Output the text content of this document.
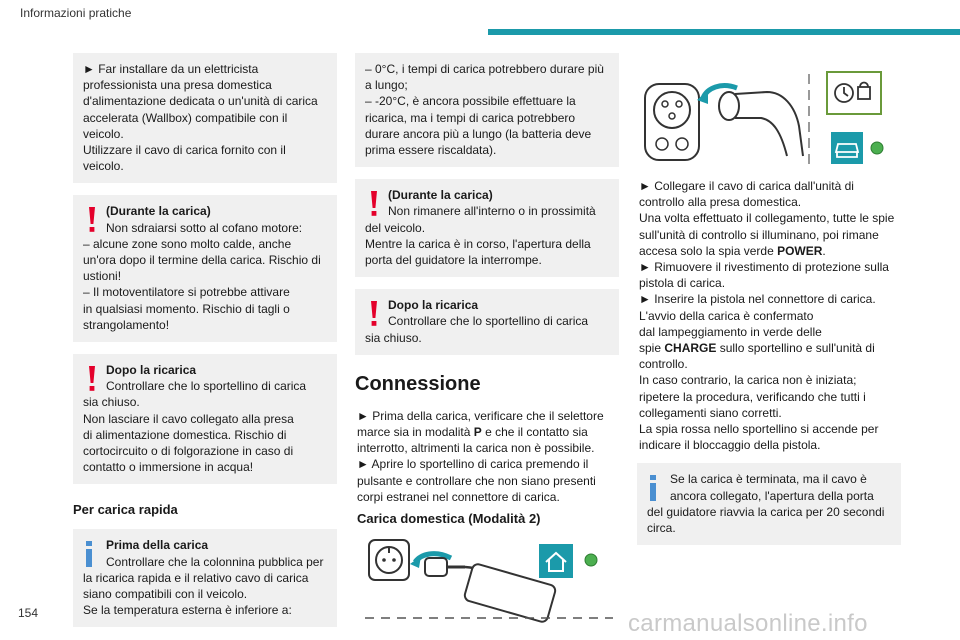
Informazioni pratiche
► Far installare da un elettricista
professionista una presa domestica
d'alimentazione dedicata o un'unità di carica
accelerata (Wallbox) compatibile con il
veicolo.
Utilizzare il cavo di carica fornito con il
veicolo.
(Durante la carica)
Non sdraiarsi sotto al cofano motore:
– alcune zone sono molto calde, anche
un'ora dopo il termine della carica. Rischio di
ustioni!
– Il motoventilatore si potrebbe attivare
in qualsiasi momento. Rischio di tagli o
strangolamento!
Dopo la ricarica
Controllare che lo sportellino di carica
sia chiuso.
Non lasciare il cavo collegato alla presa
di alimentazione domestica. Rischio di
cortocircuito o di folgorazione in caso di
contatto o immersione in acqua!
Per carica rapida
Prima della carica
Controllare che la colonnina pubblica per
la ricarica rapida e il relativo cavo di carica
siano compatibili con il veicolo.
Se la temperatura esterna è inferiore a:
– 0°C, i tempi di carica potrebbero durare più
a lungo;
– -20°C, è ancora possibile effettuare la
ricarica, ma i tempi di carica potrebbero
durare ancora più a lungo (la batteria deve
prima essere riscaldata).
(Durante la carica)
Non rimanere all'interno o in prossimità
del veicolo.
Mentre la carica è in corso, l'apertura della
porta del guidatore la interrompe.
Dopo la ricarica
Controllare che lo sportellino di carica
sia chiuso.
Connessione
► Prima della carica, verificare che il selettore
marce sia in modalità P e che il contatto sia
interrotto, altrimenti la carica non è possibile.
► Aprire lo sportellino di carica premendo il
pulsante e controllare che non siano presenti
corpi estranei nel connettore di carica.
Carica domestica (Modalità 2)
► Collegare il cavo di carica dall'unità di
controllo alla presa domestica.
Una volta effettuato il collegamento, tutte le spie
sull'unità di controllo si illuminano, poi rimane
accesa solo la spia verde POWER.
► Rimuovere il rivestimento di protezione sulla
pistola di carica.
► Inserire la pistola nel connettore di carica.
L'avvio della carica è confermato
dal lampeggiamento in verde delle
spie CHARGE sullo sportellino e sull'unità di
controllo.
In caso contrario, la carica non è iniziata;
ripetere la procedura, verificando che tutti i
collegamenti siano corretti.
La spia rossa nello sportellino si accende per
indicare il bloccaggio della pistola.
Se la carica è terminata, ma il cavo è
ancora collegato, l'apertura della porta
del guidatore riavvia la carica per 20 secondi
circa.
154	carmanualsonline.info
